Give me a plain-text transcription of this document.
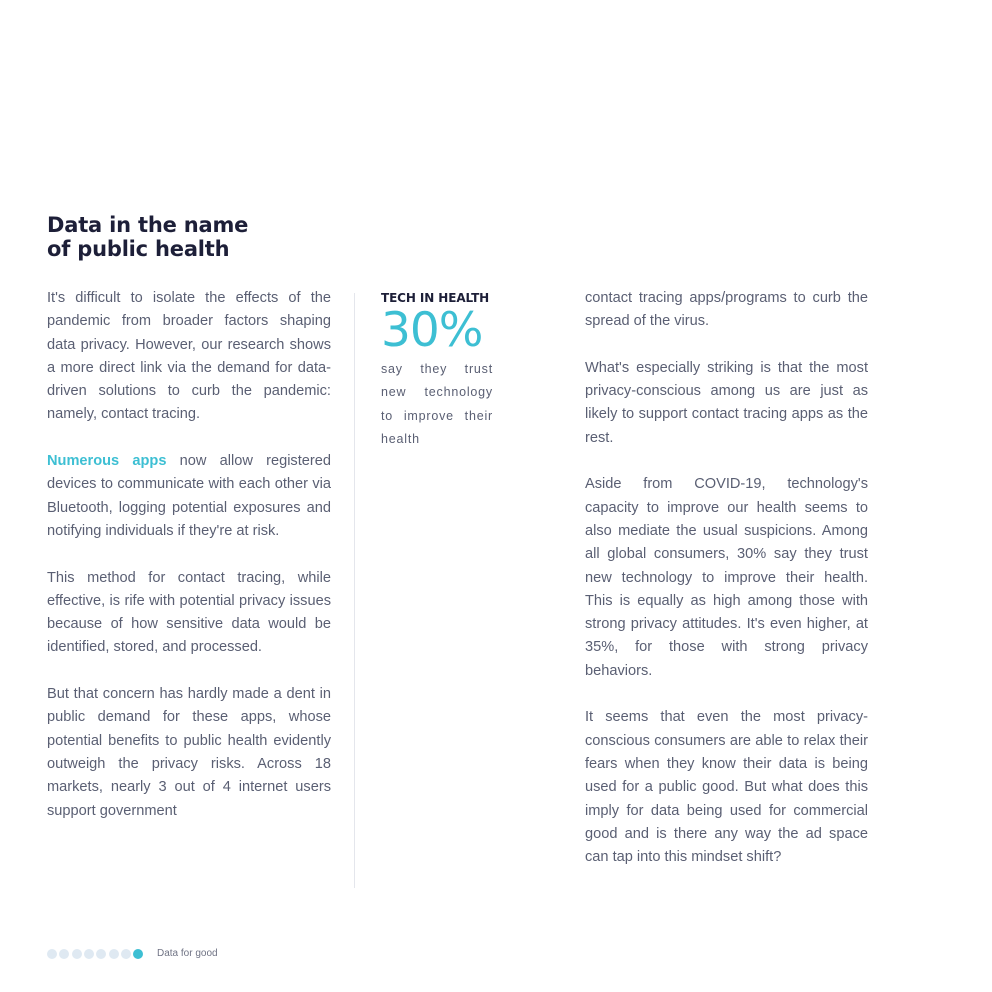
Data in the name
of public health

It's difficult to isolate the effects of the pandemic from broader factors shaping data privacy. However, our research shows a more direct link via the demand for data-driven solutions to curb the pandemic: namely, contact tracing.

Numerous apps now allow registered devices to communicate with each other via Bluetooth, logging potential exposures and notifying individuals if they're at risk.

This method for contact tracing, while effective, is rife with potential privacy issues because of how sensitive data would be identified, stored, and processed.

But that concern has hardly made a dent in public demand for these apps, whose potential benefits to public health evidently outweigh the privacy risks. Across 18 markets, nearly 3 out of 4 internet users support government

TECH IN HEALTH
30%
say they trust new technology to improve their health

contact tracing apps/programs to curb the spread of the virus.

What's especially striking is that the most privacy-conscious among us are just as likely to support contact tracing apps as the rest.

Aside from COVID-19, technology's capacity to improve our health seems to also mediate the usual suspicions. Among all global consumers, 30% say they trust new technology to improve their health. This is equally as high among those with strong privacy attitudes. It's even higher, at 35%, for those with strong privacy behaviors.

It seems that even the most privacy-conscious consumers are able to relax their fears when they know their data is being used for a public good. But what does this imply for data being used for commercial good and is there any way the ad space can tap into this mindset shift?

Data for good
